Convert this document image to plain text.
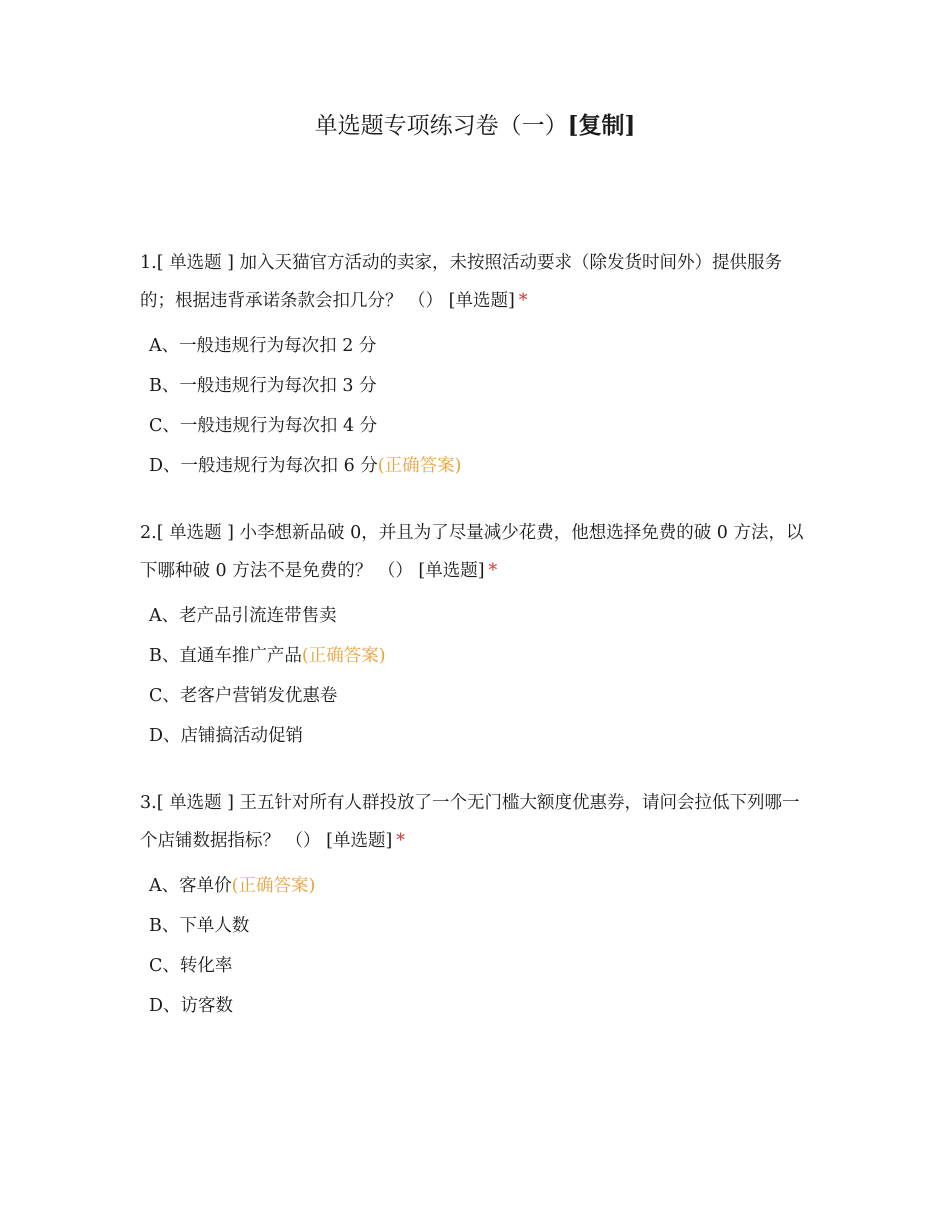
单选题专项练习卷（一）[复制]

1.[ 单选题 ] 加入天猫官方活动的卖家，未按照活动要求（除发货时间外）提供服务的；根据违背承诺条款会扣几分？ （） [单选题] *

A、一般违规行为每次扣 2 分
B、一般违规行为每次扣 3 分
C、一般违规行为每次扣 4 分
D、一般违规行为每次扣 6 分(正确答案)

2.[ 单选题 ] 小李想新品破 0，并且为了尽量减少花费，他想选择免费的破 0 方法，以下哪种破 0 方法不是免费的？ （） [单选题] *

A、老产品引流连带售卖
B、直通车推广产品(正确答案)
C、老客户营销发优惠卷
D、店铺搞活动促销

3.[ 单选题 ] 王五针对所有人群投放了一个无门槛大额度优惠券，请问会拉低下列哪一个店铺数据指标？ （） [单选题] *

A、客单价(正确答案)
B、下单人数
C、转化率
D、访客数
